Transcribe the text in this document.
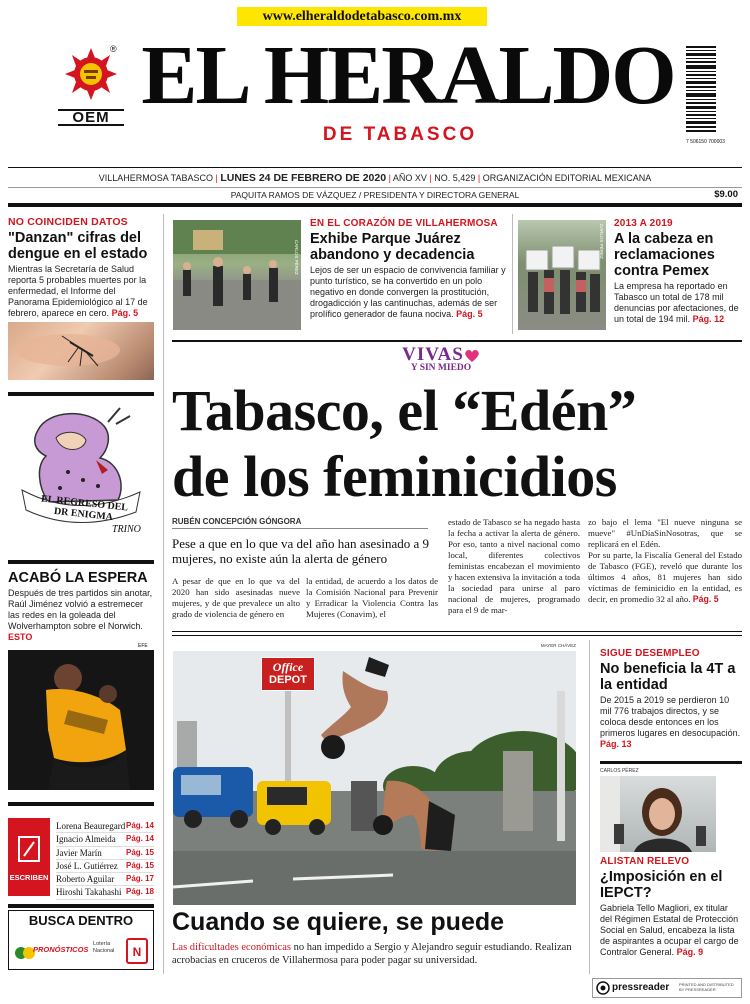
www.elheraldodetabasco.com.mx
OEM
® EL HERALDO
DE TABASCO	7 506150 700003
VILLAHERMOSA TABASCO | LUNES 24 DE FEBRERO DE 2020 | AÑO XV | NO. 5,429 | ORGANIZACIÓN EDITORIAL MEXICANA
PAQUITA RAMOS DE VÁZQUEZ / PRESIDENTA Y DIRECTORA GENERAL	$9.00
NO COINCIDEN DATOS
"Danzan" cifras del dengue en el estado
Mientras la Secretaría de Salud reporta 5 probables muertes por la enfermedad, el Informe del Panorama Epidemiológico al 17 de febrero, aparece en cero. Pág. 5
EL REGRESO DEL DR ENIGMA
TRINO
ACABÓ LA ESPERA
Después de tres partidos sin anotar, Raúl Jiménez volvió a estremecer las redes en la goleada del Wolverhampton sobre el Norwich. ESTO
EFE
ESCRIBEN
Lorena Beauregard Pág. 14
Ignacio Almeida Pág. 14
Javier Marín	Pág. 15
José L. Gutiérrez Pág. 15
Roberto Aguilar Pág. 17
Hiroshi Takahashi Pág. 18
BUSCA DENTRO
PRONÓSTICOS
Lotería Nacional	N
CARLOS PÉREZ
EN EL CORAZÓN DE VILLAHERMOSA
Exhibe Parque Juárez abandono y decadencia
Lejos de ser un espacio de convivencia familiar y punto turístico, se ha convertido en un polo negativo en donde convergen la prostitución, drogadicción y las cantinuchas, además de ser prolífico generador de fauna nociva. Pág. 5
CARLOS PÉREZ
2013 A 2019
A la cabeza en reclamaciones contra Pemex
La empresa ha reportado en Tabasco un total de 178 mil denuncias por afectaciones, de un total de 194 mil. Pág. 12
VIVAS
Y SIN MIEDO
Tabasco, el “Edén”
de los feminicidios
RUBÉN CONCEPCIÓN GÓNGORA
Pese a que en lo que va del año han asesinado a 9 mujeres, no existe aún la alerta de género
A pesar de que en lo que va del 2020 han sido asesinadas nueve mujeres, y de que prevalece un alto grado de violencia de género en
la entidad, de acuerdo a los datos de la Comisión Nacional para Prevenir y Erradicar la Violencia Contra las Mujeres (Conavim), el
estado de Tabasco se ha negado hasta la fecha a activar la alerta de género. Por eso, tanto a nivel nacional como local, diferentes colectivos feministas encabezan el movimiento y hacen extensiva la invitación a toda la sociedad para unirse al paro nacional de mujeres, programado para el 9 de mar-
zo bajo el lema "El nueve ninguna se mueve" #UnDíaSinNosotras, que se replicará en el Edén.
Por su parte, la Fiscalía General del Estado de Tabasco (FGE), reveló que durante los últimos 4 años, 81 mujeres han sido víctimas de feminicidio en la entidad, es decir, en promedio 32 al año. Pág. 5
MAYER CHÁVEZ
Office
DEPOT
Cuando se quiere, se puede
Las dificultades económicas no han impedido a Sergio y Alejandro seguir estudiando. Realizan acrobacias en cruceros de Villahermosa para poder pagar su universidad.
SIGUE DESEMPLEO
No beneficia la 4T a la entidad
De 2015 a 2019 se perdieron 10 mil 776 trabajos directos, y se coloca desde entonces en los primeros lugares en desocupación. Pág. 13
CARLOS PÉREZ
ALISTAN RELEVO
¿Imposición en el IEPCT?
Gabriela Tello Magliori, ex titular del Régimen Estatal de Protección Social en Salud, encabeza la lista de aspirantes a ocupar el cargo de Contralor General. Pág. 9
pressreader PRINTED AND DISTRIBUTED BY PRESSREADER
